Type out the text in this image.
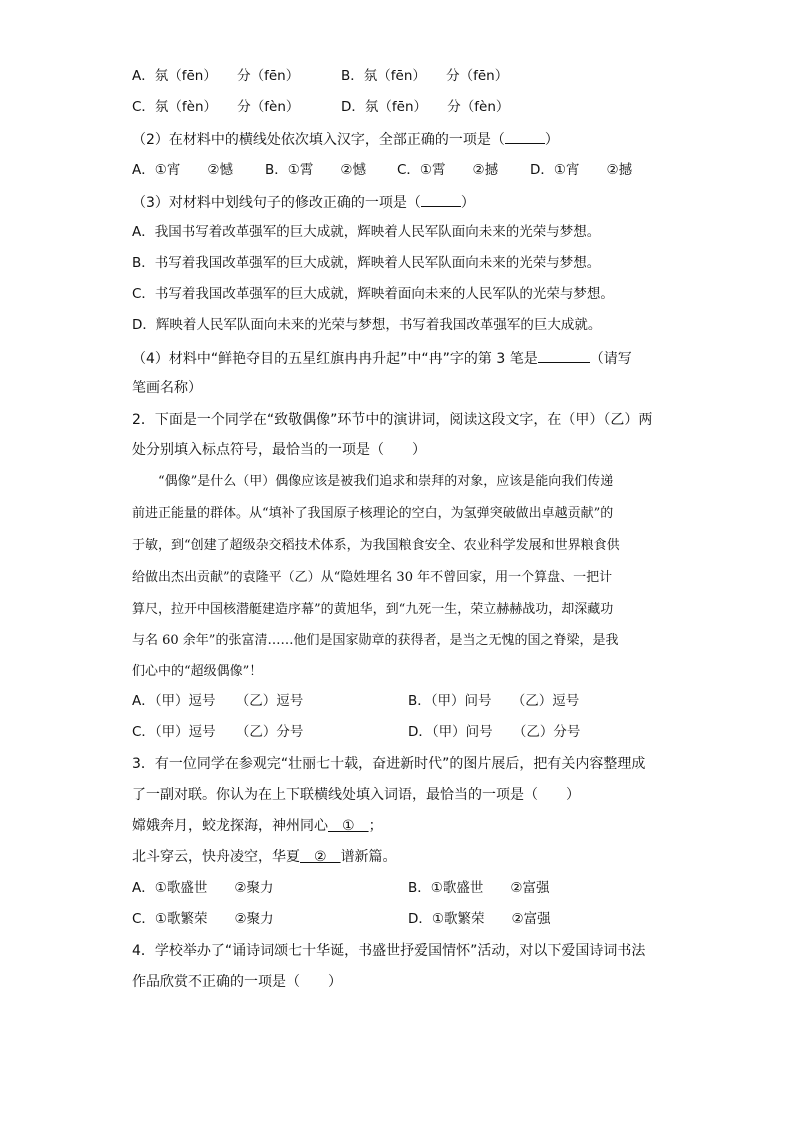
A．氛（fēn）　　分（fēn）	B．氛（fēn）　　分（fēn）
C．氛（fèn）　　分（fèn）	D．氛（fēn）　　分（fèn）
（2）在材料中的横线处依次填入汉字，全部正确的一项是（	）
A．①宵　　②憾 B．①霄　　②憾 C．①霄　　②撼 D．①宵　　②撼
（3）对材料中划线句子的修改正确的一项是（	）
A．我国书写着改革强军的巨大成就，辉映着人民军队面向未来的光荣与梦想。
B．书写着我国改革强军的巨大成就，辉映着人民军队面向未来的光荣与梦想。
C．书写着我国改革强军的巨大成就，辉映着面向未来的人民军队的光荣与梦想。
D．辉映着人民军队面向未来的光荣与梦想，书写着我国改革强军的巨大成就。
（4）材料中“鲜艳夺目的五星红旗冉冉升起”中“冉”字的第 3 笔是	（请写
笔画名称）
2．下面是一个同学在“致敬偶像”环节中的演讲词，阅读这段文字，在（甲）（乙）两
处分别填入标点符号，最恰当的一项是（　　）
　　“偶像”是什么（甲）偶像应该是被我们追求和崇拜的对象，应该是能向我们传递
前进正能量的群体。从“填补了我国原子核理论的空白，为氢弹突破做出卓越贡献”的
于敏，到“创建了超级杂交稻技术体系，为我国粮食安全、农业科学发展和世界粮食供
给做出杰出贡献”的袁隆平（乙）从“隐姓埋名 30 年不曾回家，用一个算盘、一把计
算尺，拉开中国核潜艇建造序幕”的黄旭华，到“九死一生，荣立赫赫战功，却深藏功
与名 60 余年”的张富清……他们是国家勋章的获得者，是当之无愧的国之脊梁，是我
们心中的“超级偶像”！
A．（甲）逗号　　（乙）逗号	B．（甲）问号　　（乙）逗号
C．（甲）逗号　　（乙）分号	D．（甲）问号　　（乙）分号
3．有一位同学在参观完“壮丽七十载，奋进新时代”的图片展后，把有关内容整理成
了一副对联。你认为在上下联横线处填入词语，最恰当的一项是（　　）
嫦娥奔月，蛟龙探海，神州同心　①　；
北斗穿云，快舟凌空，华夏　②　谱新篇。
A．①歌盛世　　②聚力	B．①歌盛世　　②富强
C．①歌繁荣　　②聚力	D．①歌繁荣　　②富强
4．学校举办了“诵诗词颂七十华诞，书盛世抒爱国情怀”活动，对以下爱国诗词书法
作品欣赏不正确的一项是（　　）
